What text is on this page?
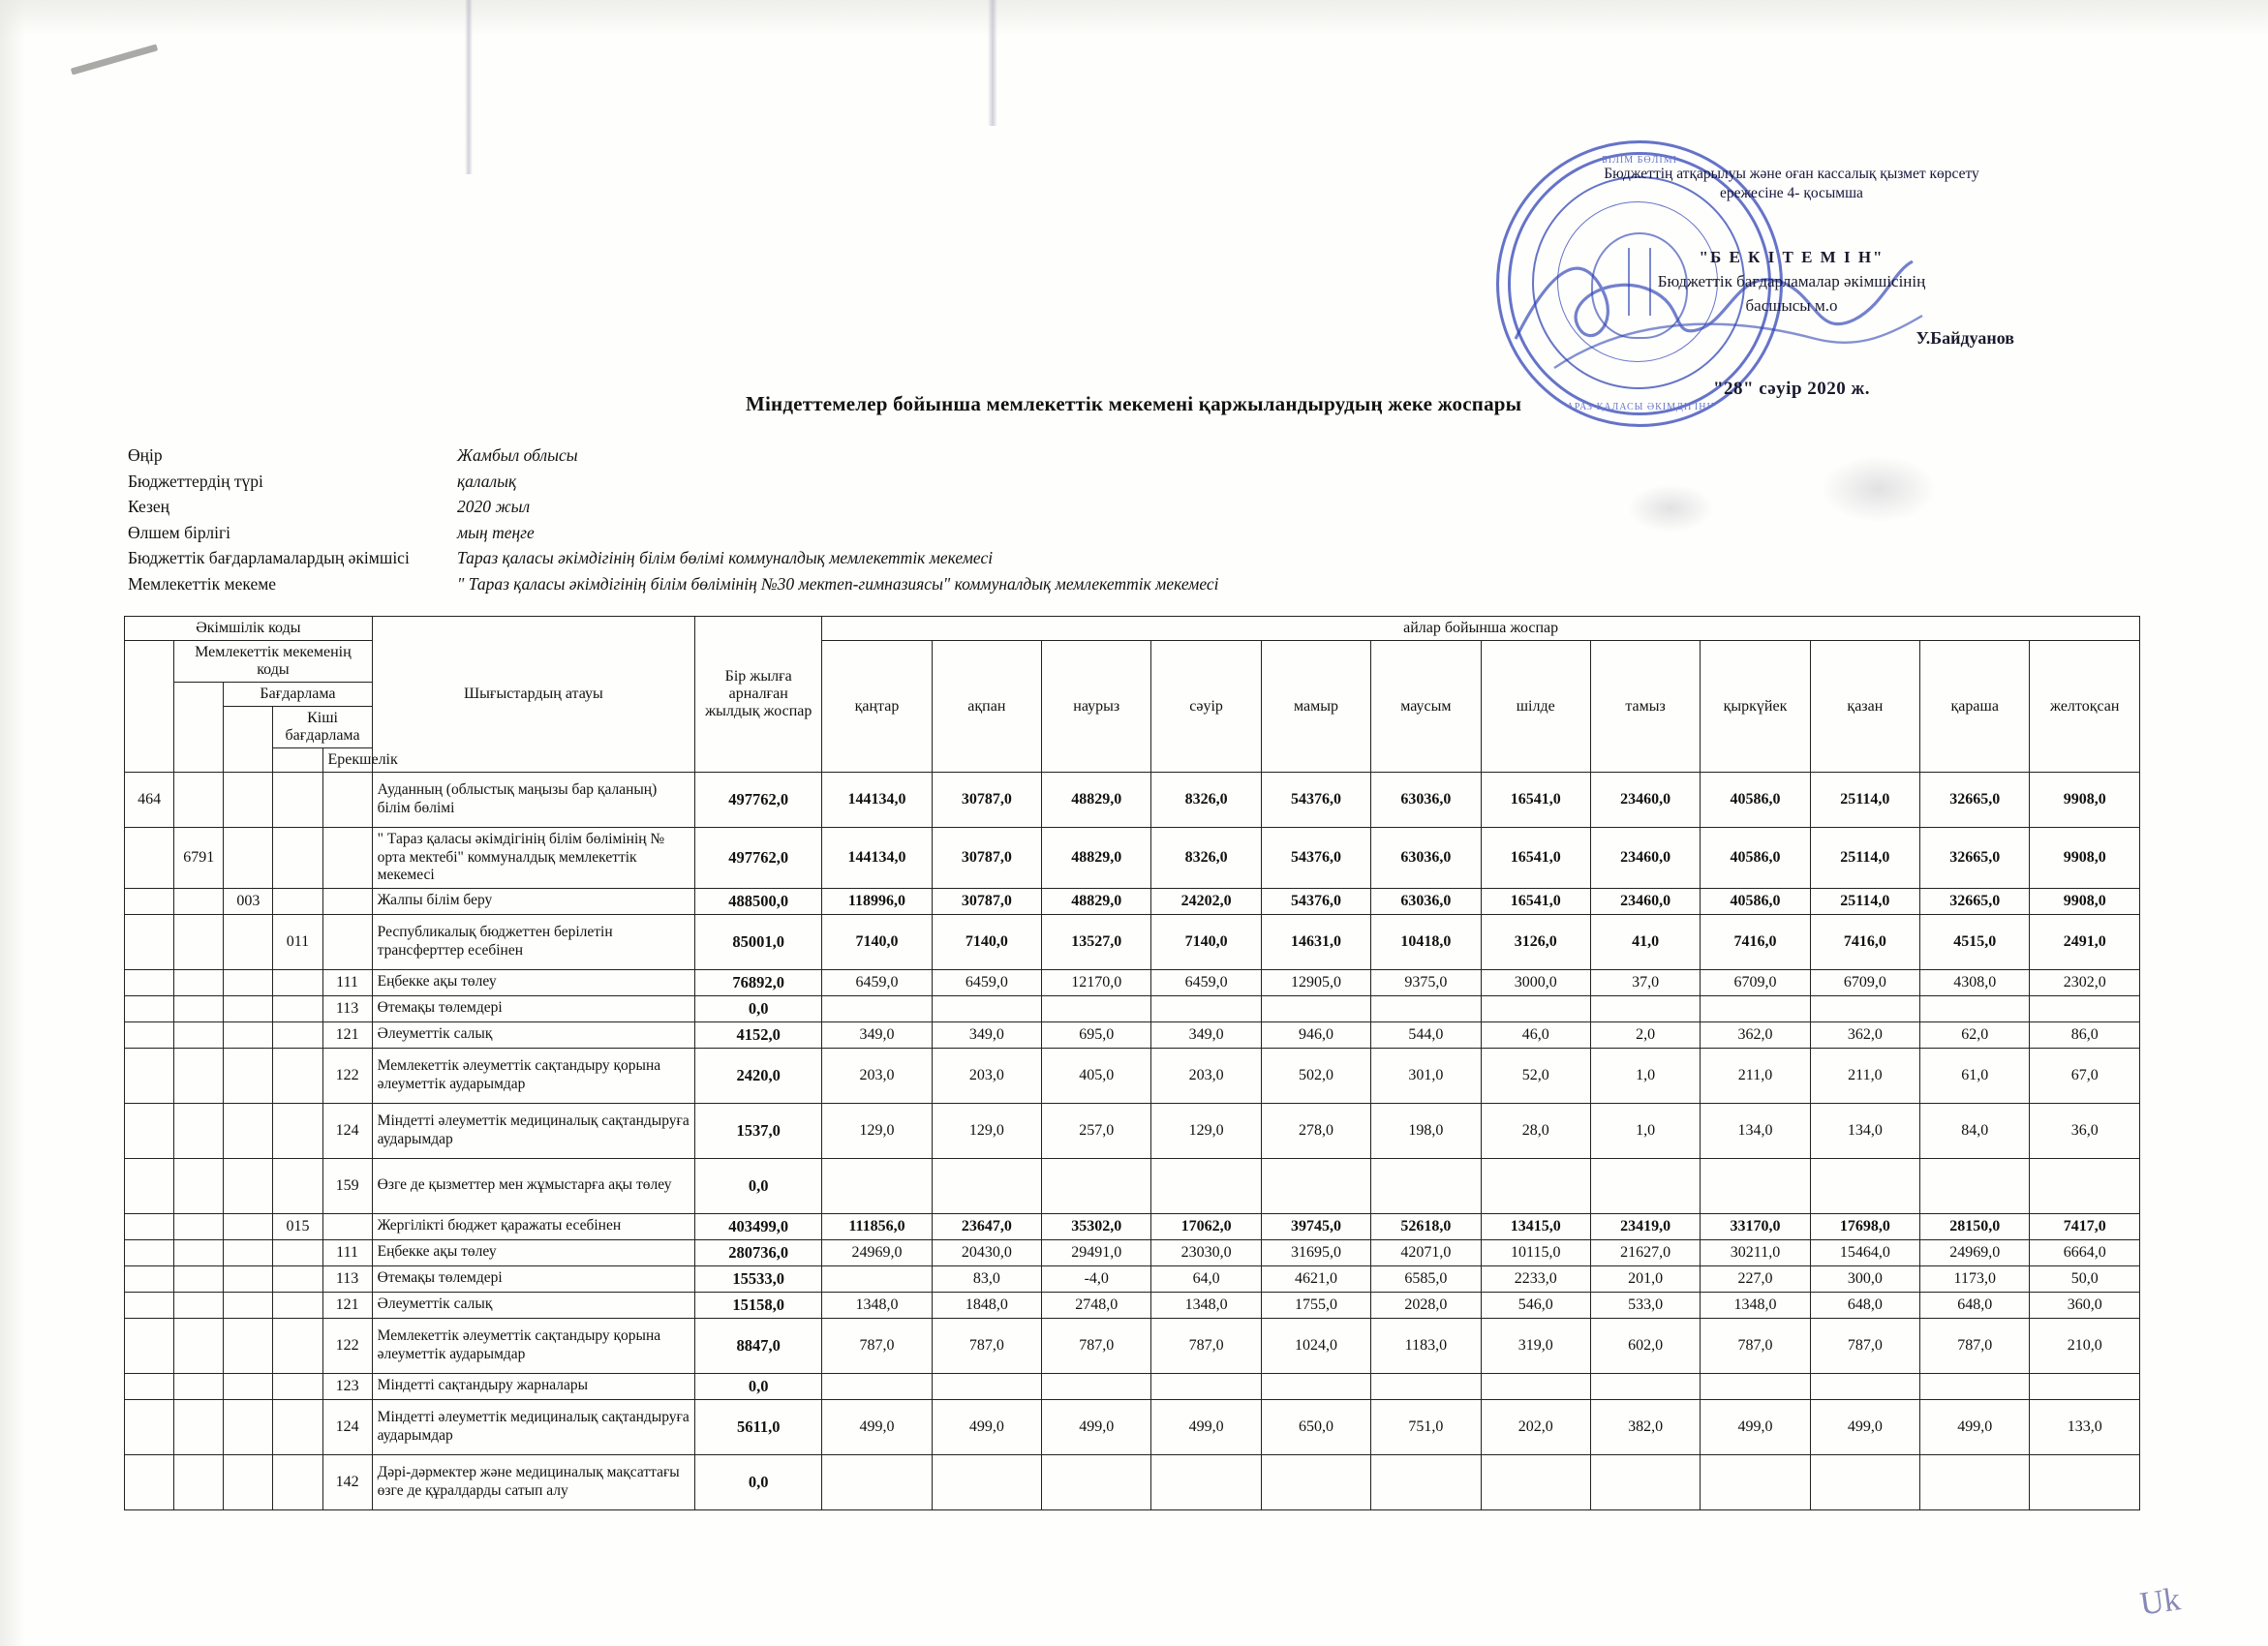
БІЛІМ БӨЛІМІ
ТАРАЗ ҚАЛАСЫ ӘКІМДІГІНІҢ
Бюджеттің атқарылуы және оған кассалық қызмет көрсету
ережесіне 4- қосымша
"Б Е К І Т Е М І Н"
Бюджеттік бағдарламалар әкімшісінің
басшысы м.о
У.Байдуанов
"28" сәуір 2020 ж.
Міндеттемелер бойынша мемлекеттік мекемені қаржыландырудың жеке жоспары
Өңір	Жамбыл облысы
Бюджеттердің түрі	қалалық
Кезең	2020 жыл
Өлшем бірлігі	мың теңге
Бюджеттік бағдарламалардың әкімшісі	Тараз қаласы әкімдігінің білім бөлімі коммуналдық мемлекеттік мекемесі
Мемлекеттік мекеме	" Тараз қаласы әкімдігінің білім бөлімінің №30 мектеп-гимназиясы" коммуналдық мемлекеттік мекемесі
Әкімшілік коды					Шығыстардың атауы	Бір жылға арналған жылдық жоспар	айлар бойынша жоспар											
	Мемлекеттік мекеменің коды						қаңтар	ақпан	наурыз	сәуір	мамыр	маусым	шілде	тамыз	қыркүйек	қазан	қараша	желтоқсан
		Бағдарлама																
			Кіші бағдарлама															
				Ерекшелік														
464					Ауданның (облыстық маңызы бар қаланың) білім бөлімі	497762,0	144134,0	30787,0	48829,0	8326,0	54376,0	63036,0	16541,0	23460,0	40586,0	25114,0	32665,0	9908,0
	6791				" Тараз қаласы әкімдігінің білім бөлімінің № орта мектебі" коммуналдық мемлекеттік мекемесі	497762,0	144134,0	30787,0	48829,0	8326,0	54376,0	63036,0	16541,0	23460,0	40586,0	25114,0	32665,0	9908,0
		003			Жалпы білім беру	488500,0	118996,0	30787,0	48829,0	24202,0	54376,0	63036,0	16541,0	23460,0	40586,0	25114,0	32665,0	9908,0
			011		Республикалық бюджеттен берілетін трансферттер есебінен	85001,0	7140,0	7140,0	13527,0	7140,0	14631,0	10418,0	3126,0	41,0	7416,0	7416,0	4515,0	2491,0
				111	Еңбекке ақы төлеу	76892,0	6459,0	6459,0	12170,0	6459,0	12905,0	9375,0	3000,0	37,0	6709,0	6709,0	4308,0	2302,0
				113	Өтемақы төлемдері	0,0												
				121	Әлеуметтік салық	4152,0	349,0	349,0	695,0	349,0	946,0	544,0	46,0	2,0	362,0	362,0	62,0	86,0
				122	Мемлекеттік әлеуметтік сақтандыру қорына әлеуметтік аударымдар	2420,0	203,0	203,0	405,0	203,0	502,0	301,0	52,0	1,0	211,0	211,0	61,0	67,0
				124	Міндетті әлеуметтік медициналық сақтандыруға аударымдар	1537,0	129,0	129,0	257,0	129,0	278,0	198,0	28,0	1,0	134,0	134,0	84,0	36,0
				159	Өзге де қызметтер мен жұмыстарға ақы төлеу	0,0												
			015		Жергілікті бюджет қаражаты есебінен	403499,0	111856,0	23647,0	35302,0	17062,0	39745,0	52618,0	13415,0	23419,0	33170,0	17698,0	28150,0	7417,0
				111	Еңбекке ақы төлеу	280736,0	24969,0	20430,0	29491,0	23030,0	31695,0	42071,0	10115,0	21627,0	30211,0	15464,0	24969,0	6664,0
				113	Өтемақы төлемдері	15533,0		83,0	-4,0	64,0	4621,0	6585,0	2233,0	201,0	227,0	300,0	1173,0	50,0
				121	Әлеуметтік салық	15158,0	1348,0	1848,0	2748,0	1348,0	1755,0	2028,0	546,0	533,0	1348,0	648,0	648,0	360,0
				122	Мемлекеттік әлеуметтік сақтандыру қорына әлеуметтік аударымдар	8847,0	787,0	787,0	787,0	787,0	1024,0	1183,0	319,0	602,0	787,0	787,0	787,0	210,0
				123	Міндетті сақтандыру жарналары	0,0												
				124	Міндетті әлеуметтік медициналық сақтандыруға аударымдар	5611,0	499,0	499,0	499,0	499,0	650,0	751,0	202,0	382,0	499,0	499,0	499,0	133,0
				142	Дәрі-дәрмектер және медициналық мақсаттағы өзге де құралдарды сатып алу	0,0												
Uk
